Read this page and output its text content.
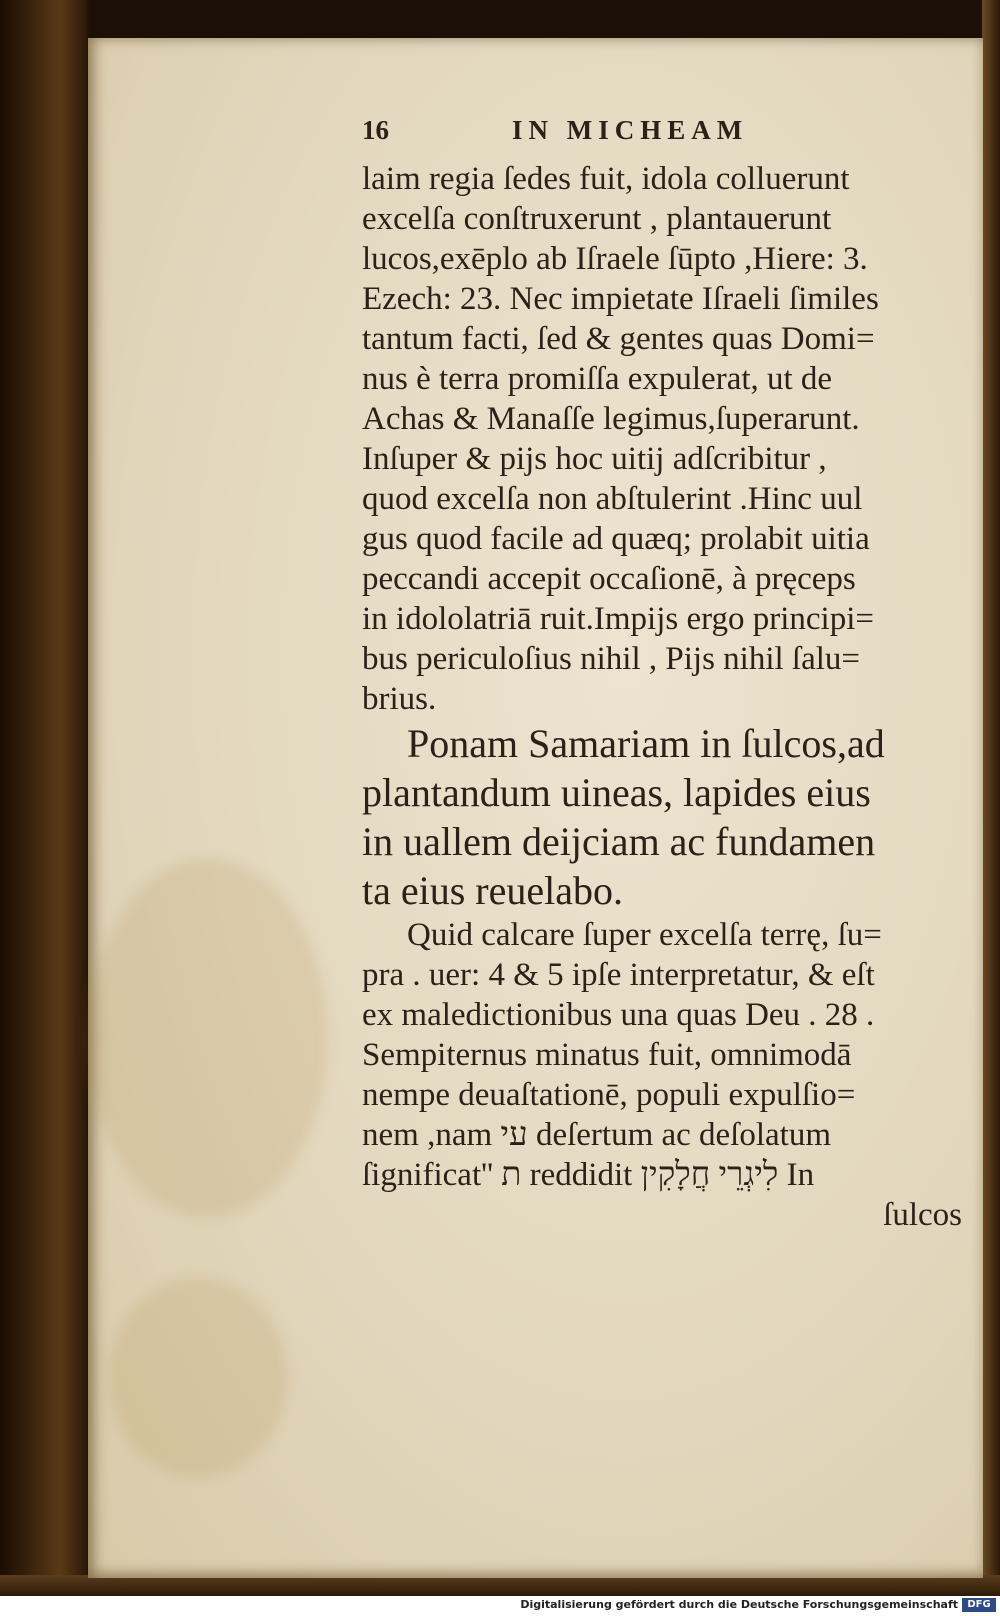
16	IN MICHEAM
laim regia ſedes fuit, idola colluerunt
excelſa conſtruxerunt , plantauerunt
lucos,exēplo ab Iſraele ſūpto ,Hiere: 3.
Ezech: 23. Nec impietate Iſraeli ſimiles
tantum facti, ſed & gentes quas Domi=
nus è terra promiſſa expulerat, ut de
Achas & Manaſſe legimus,ſuperarunt.
Inſuper & pijs hoc uitij adſcribitur ,
quod excelſa non abſtulerint .Hinc uul
gus quod facile ad quæq; prolabit uitia
peccandi accepit occaſionē, à pręceps
in idololatriā ruit.Impijs ergo principi=
bus periculoſius nihil , Pijs nihil ſalu=
brius.
Ponam Samariam in ſulcos,ad
plantandum uineas, lapides eius
in uallem deijciam ac fundamen
ta eius reuelabo.
Quid calcare ſuper excelſa terrę, ſu=
pra . uer: 4 & 5 ipſe interpretatur, & eſt
ex maledictionibus una quas Deu . 28 .
Sempiternus minatus fuit, omnimodā
nempe deuaſtationē, populi expulſio=
nem ,nam עי deſertum ac deſolatum
ſignificat'' ת reddidit לִיגְרֵי חֲלָקִין In
ſulcos
Digitalisierung gefördert durch die Deutsche Forschungsgemeinschaft DFG
